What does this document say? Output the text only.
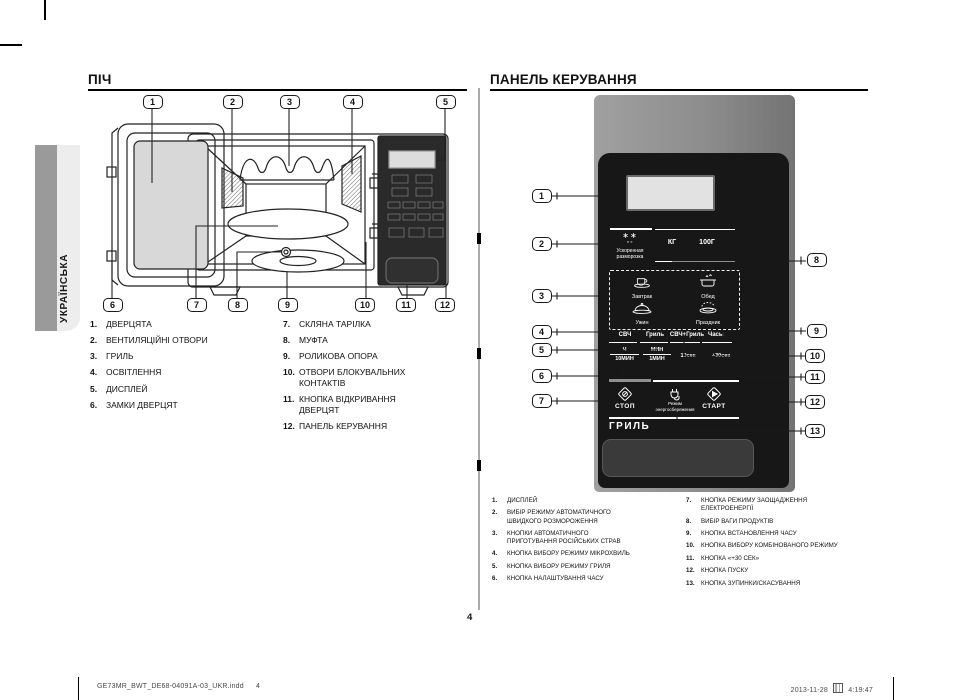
УКРАЇНСЬКА
ПІЧ
1	2	3	4	5
6	7	8	9	10	11	12
1.	ДВЕРЦЯТА
2.	ВЕНТИЛЯЦІЙНІ ОТВОРИ
3.	ГРИЛЬ
4.	ОСВІТЛЕННЯ
5.	ДИСПЛЕЙ
6.	ЗАМКИ ДВЕРЦЯТ
7.	СКЛЯНА ТАРІЛКА
8.	МУФТА
9.	РОЛИКОВА ОПОРА
10. ОТВОРИ БЛОКУВАЛЬНИХ КОНТАКТІВ
11. КНОПКА ВІДКРИВАННЯ ДВЕРЦЯТ
12. ПАНЕЛЬ КЕРУВАННЯ
ПАНЕЛЬ КЕРУВАННЯ
∗∗
◦◦
Ускоренная
разморозка
КГ	100Г
Завтрак	Обед
Ужин	Праздник
СВЧ	Гриль СВЧ+Гриль Часы
Ч
10МИН
МИН
1МИН
10сек	+30сек
СТОП	Режим
энергосбережения	СТАРТ
ГРИЛЬ
1
2
3
4
5
6
7
8
9
10
11
12
13
1.	ДИСПЛЕЙ
2.	ВИБІР РЕЖИМУ АВТОМАТИЧНОГО ШВИДКОГО РОЗМОРОЖЕННЯ
3.	КНОПКИ АВТОМАТИЧНОГО ПРИГОТУВАННЯ РОСІЙСЬКИХ СТРАВ
4.	КНОПКА ВИБОРУ РЕЖИМУ МІКРОХВИЛЬ
5.	КНОПКА ВИБОРУ РЕЖИМУ ГРИЛЯ
6.	КНОПКА НАЛАШТУВАННЯ ЧАСУ
7.	КНОПКА РЕЖИМУ ЗАОЩАДЖЕННЯ ЕЛЕКТРОЕНЕРГІЇ
8.	ВИБІР ВАГИ ПРОДУКТІВ
9.	КНОПКА ВСТАНОВЛЕННЯ ЧАСУ
10.	КНОПКА ВИБОРУ КОМБІНОВАНОГО РЕЖИМУ
11.	КНОПКА «+30 СЕК»
12.	КНОПКА ПУСКУ
13.	КНОПКА ЗУПИНКИ/СКАСУВАННЯ
4
GE73MR_BWT_DE68-04091A-03_UKR.indd 4
2013-11-28	4:19:47
